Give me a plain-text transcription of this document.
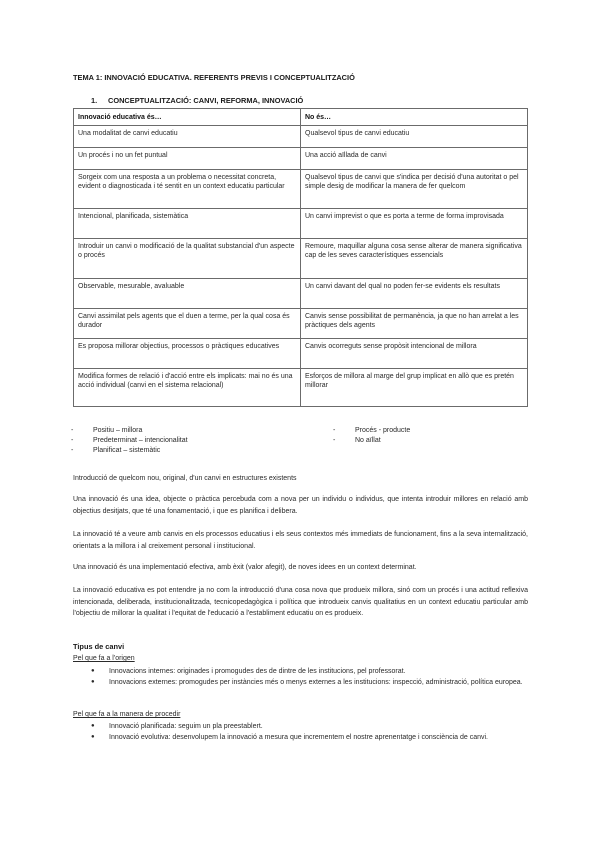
TEMA 1: INNOVACIÓ EDUCATIVA. REFERENTS PREVIS I CONCEPTUALITZACIÓ
1. CONCEPTUALITZACIÓ: CANVI, REFORMA, INNOVACIÓ
Innovació educativa és…	No és…
Una modalitat de canvi educatiu	Qualsevol tipus de canvi educatiu
Un procés i no un fet puntual	Una acció aïllada de canvi
Sorgeix com una resposta a un problema o necessitat concreta, evident o diagnosticada i té sentit en un context educatiu particular	Qualsevol tipus de canvi que s'indica per decisió d'una autoritat o pel simple desig de modificar la manera de fer quelcom
Intencional, planificada, sistemàtica	Un canvi imprevist o que es porta a terme de forma improvisada
Introduir un canvi o modificació de la qualitat substancial d'un aspecte o procés	Remoure, maquillar alguna cosa sense alterar de manera significativa cap de les seves característiques essencials
Observable, mesurable, avaluable	Un canvi davant del qual no poden fer-se evidents els resultats
Canvi assimilat pels agents que el duen a terme, per la qual cosa és durador	Canvis sense possibilitat de permanència, ja que no han arrelat a les pràctiques dels agents
Es proposa millorar objectius, processos o pràctiques educatives	Canvis ocorreguts sense propòsit intencional de millora
Modifica formes de relació i d'acció entre els implicats: mai no és una acció individual (canvi en el sistema relacional)	Esforços de millora al marge del grup implicat en allò que es pretén millorar
- Positiu – millora
- Predeterminat – intencionalitat
- Planificat – sistemàtic
- Procés - producte
- No aïllat

Introducció de quelcom nou, original, d'un canvi en estructures existents

Una innovació és una idea, objecte o pràctica percebuda com a nova per un individu o individus, que intenta introduir millores en relació amb objectius desitjats, que té una fonamentació, i que es planifica i delibera.

La innovació té a veure amb canvis en els processos educatius i els seus contextos més immediats de funcionament, fins a la seva internalització, orientats a la millora i al creixement personal i institucional.

Una innovació és una implementació efectiva, amb èxit (valor afegit), de noves idees en un context determinat.

La innovació educativa es pot entendre ja no com la introducció d'una cosa nova que produeix millora, sinó com un procés i una actitud reflexiva intencionada, deliberada, institucionalitzada, tecnicopedagògica i política que introdueix canvis qualitatius en un context educatiu particular amb l'objectiu de millorar la qualitat i l'equitat de l'educació a l'establiment educatiu on es produeix.

Tipus de canvi
Pel que fa a l'origen
● Innovacions internes: originades i promogudes des de dintre de les institucions, pel professorat.
● Innovacions externes: promogudes per instàncies més o menys externes a les institucions: inspecció, administració, política europea.
Pel que fa a la manera de procedir
● Innovació planificada: seguim un pla preestablert.
● Innovació evolutiva: desenvolupem la innovació a mesura que incrementem el nostre aprenentatge i consciència de canvi.
